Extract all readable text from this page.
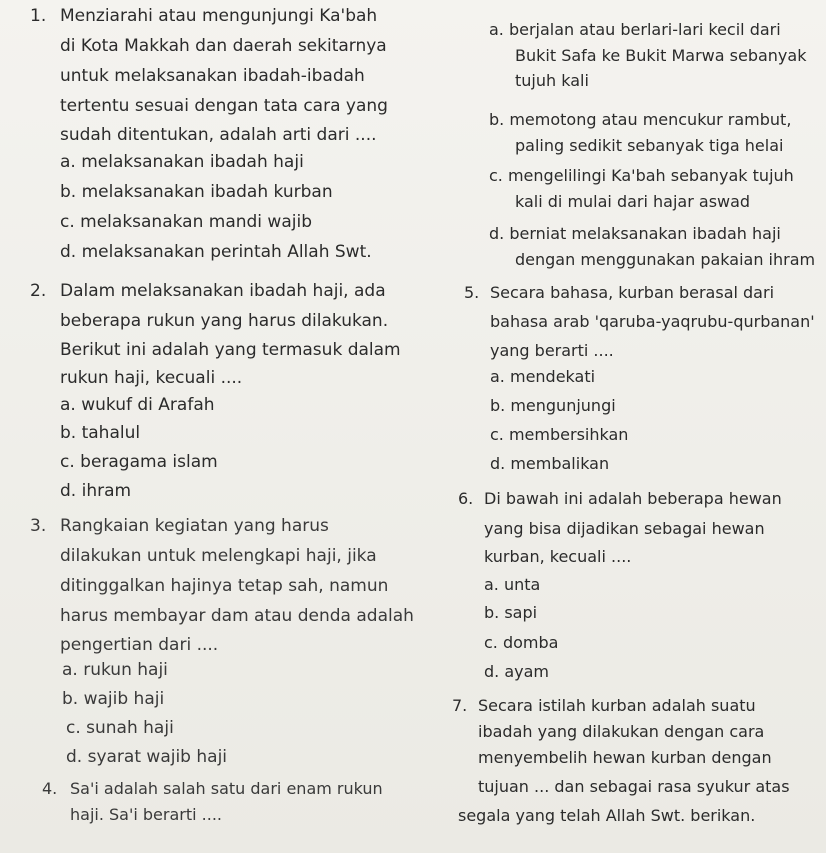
1. Menziarahi atau mengunjungi Ka'bah
di Kota Makkah dan daerah sekitarnya
untuk melaksanakan ibadah-ibadah
tertentu sesuai dengan tata cara yang
sudah ditentukan, adalah arti dari ....
a. melaksanakan ibadah haji
b. melaksanakan ibadah kurban
c. melaksanakan mandi wajib
d. melaksanakan perintah Allah Swt.
2. Dalam melaksanakan ibadah haji, ada
beberapa rukun yang harus dilakukan.
Berikut ini adalah yang termasuk dalam
rukun haji, kecuali ....
a. wukuf di Arafah
b. tahalul
c. beragama islam
d. ihram
3. Rangkaian kegiatan yang harus
dilakukan untuk melengkapi haji, jika
ditinggalkan hajinya tetap sah, namun
harus membayar dam atau denda adalah
pengertian dari ....
a. rukun haji
b. wajib haji
c. sunah haji
d. syarat wajib haji
4. Sa'i adalah salah satu dari enam rukun
haji. Sa'i berarti ....
a. berjalan atau berlari-lari kecil dari
Bukit Safa ke Bukit Marwa sebanyak
tujuh kali
b. memotong atau mencukur rambut,
paling sedikit sebanyak tiga helai
c. mengelilingi Ka'bah sebanyak tujuh
kali di mulai dari hajar aswad
d. berniat melaksanakan ibadah haji
dengan menggunakan pakaian ihram
5. Secara bahasa, kurban berasal dari
bahasa arab 'qaruba-yaqrubu-qurbanan'
yang berarti ....
a. mendekati
b. mengunjungi
c. membersihkan
d. membalikan
6. Di bawah ini adalah beberapa hewan
yang bisa dijadikan sebagai hewan
kurban, kecuali ....
a. unta
b. sapi
c. domba
d. ayam
7. Secara istilah kurban adalah suatu
ibadah yang dilakukan dengan cara
menyembelih hewan kurban dengan
tujuan ... dan sebagai rasa syukur atas
segala yang telah Allah Swt. berikan.
